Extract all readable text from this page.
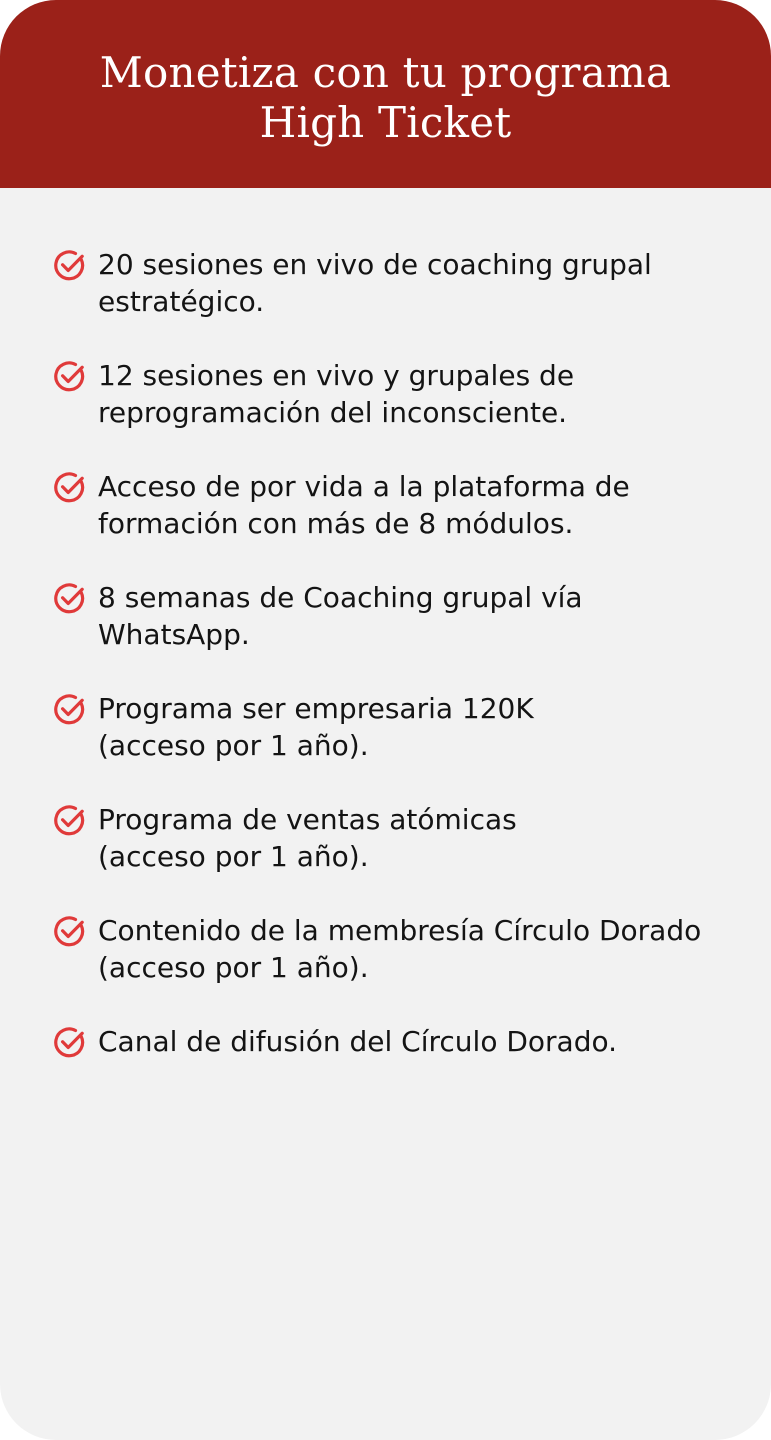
Monetiza con tu programa
High Ticket
20 sesiones en vivo de coaching grupal
estratégico.
12 sesiones en vivo y grupales de
reprogramación del inconsciente.
Acceso de por vida a la plataforma de
formación con más de 8 módulos.
8 semanas de Coaching grupal vía
WhatsApp.
Programa ser empresaria 120K
(acceso por 1 año).
Programa de ventas atómicas
(acceso por 1 año).
Contenido de la membresía Círculo Dorado
(acceso por 1 año).
Canal de difusión del Círculo Dorado.
